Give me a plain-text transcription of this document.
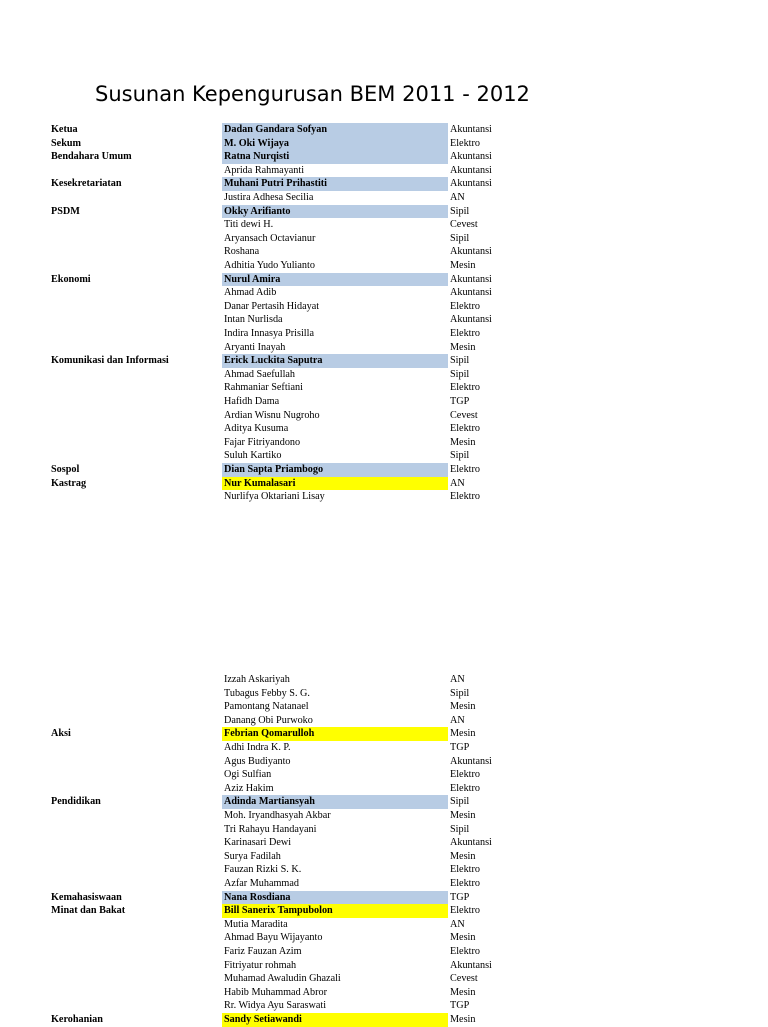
Susunan Kepengurusan BEM 2011 - 2012
Ketua	Dadan Gandara Sofyan	Akuntansi
Sekum	M. Oki Wijaya	Elektro
Bendahara Umum	Ratna Nurqisti	Akuntansi
Aprida Rahmayanti	Akuntansi
Kesekretariatan	Muhani Putri Prihastiti	Akuntansi
Justira Adhesa Secilia	AN
PSDM	Okky Arifianto	Sipil
Titi dewi H.	Cevest
Aryansach Octavianur	Sipil
Roshana	Akuntansi
Adhitia Yudo Yulianto	Mesin
Ekonomi	Nurul Amira	Akuntansi
Ahmad Adib	Akuntansi
Danar Pertasih Hidayat	Elektro
Intan Nurlisda	Akuntansi
Indira Innasya Prisilla	Elektro
Aryanti Inayah	Mesin
Komunikasi dan Informasi	Erick Luckita Saputra	Sipil
Ahmad Saefullah	Sipil
Rahmaniar Seftiani	Elektro
Hafidh Dama	TGP
Ardian Wisnu Nugroho	Cevest
Aditya Kusuma	Elektro
Fajar Fitriyandono	Mesin
Suluh Kartiko	Sipil
Sospol	Dian Sapta Priambogo	Elektro
Kastrag	Nur Kumalasari	AN
Nurlifya Oktariani Lisay	Elektro
Izzah Askariyah	AN
Tubagus Febby S. G.	Sipil
Pamontang Natanael	Mesin
Danang Obi Purwoko	AN
Aksi	Febrian Qomarulloh	Mesin
Adhi Indra K. P.	TGP
Agus Budiyanto	Akuntansi
Ogi Sulfian	Elektro
Aziz Hakim	Elektro
Pendidikan	Adinda Martiansyah	Sipil
Moh. Iryandhasyah Akbar	Mesin
Tri Rahayu Handayani	Sipil
Karinasari Dewi	Akuntansi
Surya Fadilah	Mesin
Fauzan Rizki S. K.	Elektro
Azfar Muhammad	Elektro
Kemahasiswaan	Nana Rosdiana	TGP
Minat dan Bakat	Bill Sanerix Tampubolon	Elektro
Mutia Maradita	AN
Ahmad Bayu Wijayanto	Mesin
Fariz Fauzan Azim	Elektro
Fitriyatur rohmah	Akuntansi
Muhamad Awaludin Ghazali	Cevest
Habib Muhammad Abror	Mesin
Rr. Widya Ayu Saraswati	TGP
Kerohanian	Sandy Setiawandi	Mesin
